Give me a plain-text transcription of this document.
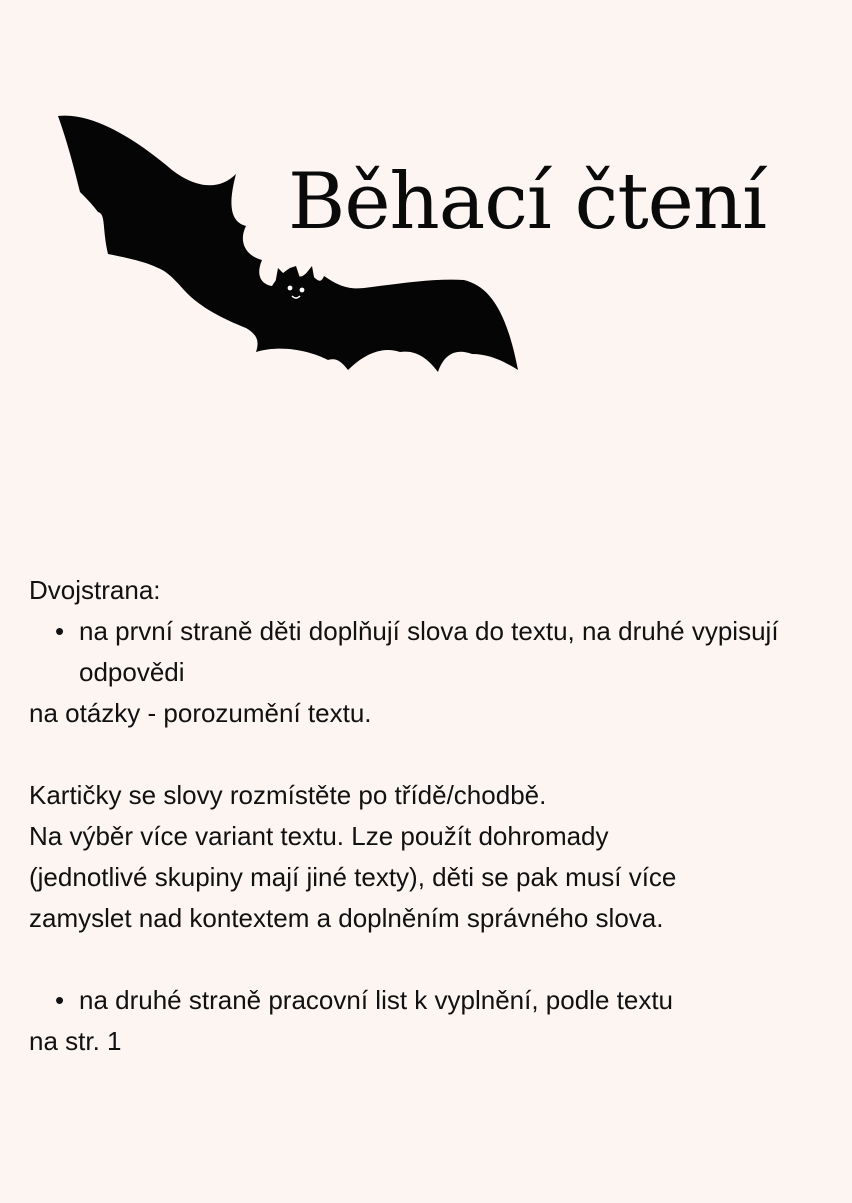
Běhací čtení

Dvojstrana:

• na první straně děti doplňují slova do textu, na druhé vypisují odpovědi

na otázky - porozumění textu.

Kartičky se slovy rozmístěte po třídě/chodbě.

Na výběr více variant textu. Lze použít dohromady

(jednotlivé skupiny mají jiné texty), děti se pak musí více

zamyslet nad kontextem a doplněním správného slova.

• na druhé straně pracovní list k vyplnění, podle textu

na str. 1
